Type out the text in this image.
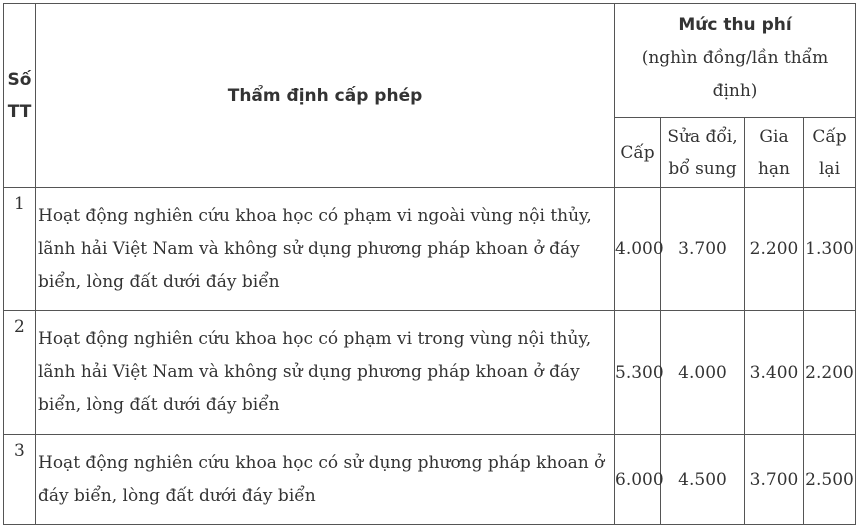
Số TT	Thẩm định cấp phép	Mức thu phí
(nghìn đồng/lần thẩm định)			

		Cấp	Sửa đổi, bổ sung	Gia hạn	Cấp lại
1	Hoạt động nghiên cứu khoa học có phạm vi ngoài vùng nội thủy, lãnh hải Việt Nam và không sử dụng phương pháp khoan ở đáy biển, lòng đất dưới đáy biển	4.000	3.700	2.200	1.300
2	Hoạt động nghiên cứu khoa học có phạm vi trong vùng nội thủy, lãnh hải Việt Nam và không sử dụng phương pháp khoan ở đáy biển, lòng đất dưới đáy biển	5.300	4.000	3.400	2.200
3	Hoạt động nghiên cứu khoa học có sử dụng phương pháp khoan ở đáy biển, lòng đất dưới đáy biển	6.000	4.500	3.700	2.500
